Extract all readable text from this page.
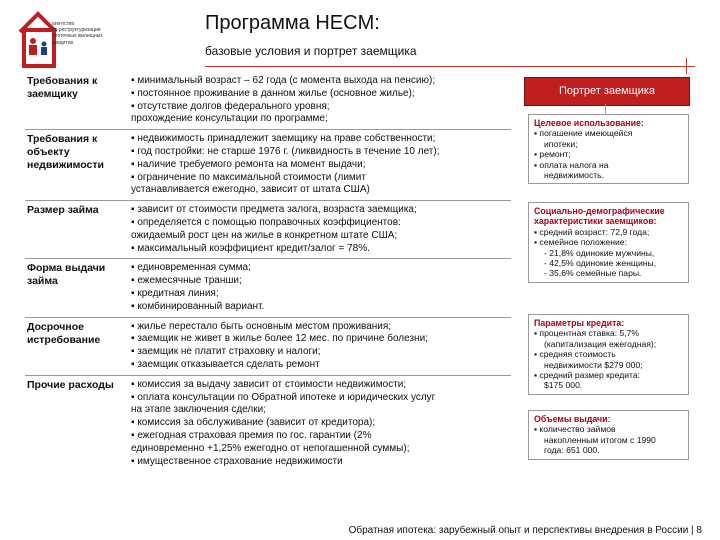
агентство
по реструктуризации
ипотечных жилищных
кредитов
Программа HECM:
базовые условия и портрет заемщика
Требования к заемщику
▪ минимальный возраст – 62 года (с момента выхода на пенсию);
▪ постоянное проживание в данном жилье (основное жилье);
▪ отсутствие долгов федерального уровня;
прохождение консультации по программе;
Требования к объекту недвижимости
▪ недвижимость принадлежит заемщику на праве собственности;
▪ год постройки: не старше 1976 г. (ликвидность в течение 10 лет);
▪ наличие требуемого ремонта на момент выдачи;
▪ ограничение по максимальной стоимости (лимит
устанавливается ежегодно, зависит от штата США)
Размер займа	▪ зависит от стоимости предмета залога, возраста заемщика;
▪ определяется с помощью поправочных коэффициентов:
ожидаемый рост цен на жилье в конкретном штате США;
▪ максимальный коэффициент кредит/залог = 78%.
Форма выдачи займа
▪ единовременная сумма;
▪ ежемесячные транши;
▪ кредитная линия;
▪ комбинированный вариант.
Досрочное истребование
▪ жилье перестало быть основным местом проживания;
▪ заемщик не живет в жилье более 12 мес. по причине болезни;
▪ заемщик не платит страховку и налоги;
▪ заемщик отказывается сделать ремонт
Прочие расходы	▪ комиссия за выдачу зависит от стоимости недвижимости;
▪ оплата консультации по Обратной ипотеке и юридических услуг
на этапе заключения сделки;
▪ комиссия за обслуживание (зависит от кредитора);
▪ ежегодная страховая премия по гос. гарантии (2%
единовременно +1,25% ежегодно от непогашенной суммы);
▪ имущественное страхование недвижимости
Портрет заемщика
Целевое использование:
▪ погашение имеющейся
ипотеки;
▪ ремонт;
▪ оплата налога на
недвижимость.
Социально-демографические характеристики заемщиков:
▪ средний возраст: 72,9 года;
▪ семейное положение:
- 21,8% одинокие мужчины,
- 42,5% одинокие женщины,
- 35,6% семейные пары.
Параметры кредита:
▪ процентная ставка: 5,7%
(капитализация ежегодная);
▪ средняя стоимость
недвижимости $279 000;
▪ средний размер кредита:
$175 000.
Объемы выдачи:
▪ количество займов
накопленным итогом с 1990
года: 651 000.
Обратная ипотека: зарубежный опыт и перспективы внедрения в России | 8
